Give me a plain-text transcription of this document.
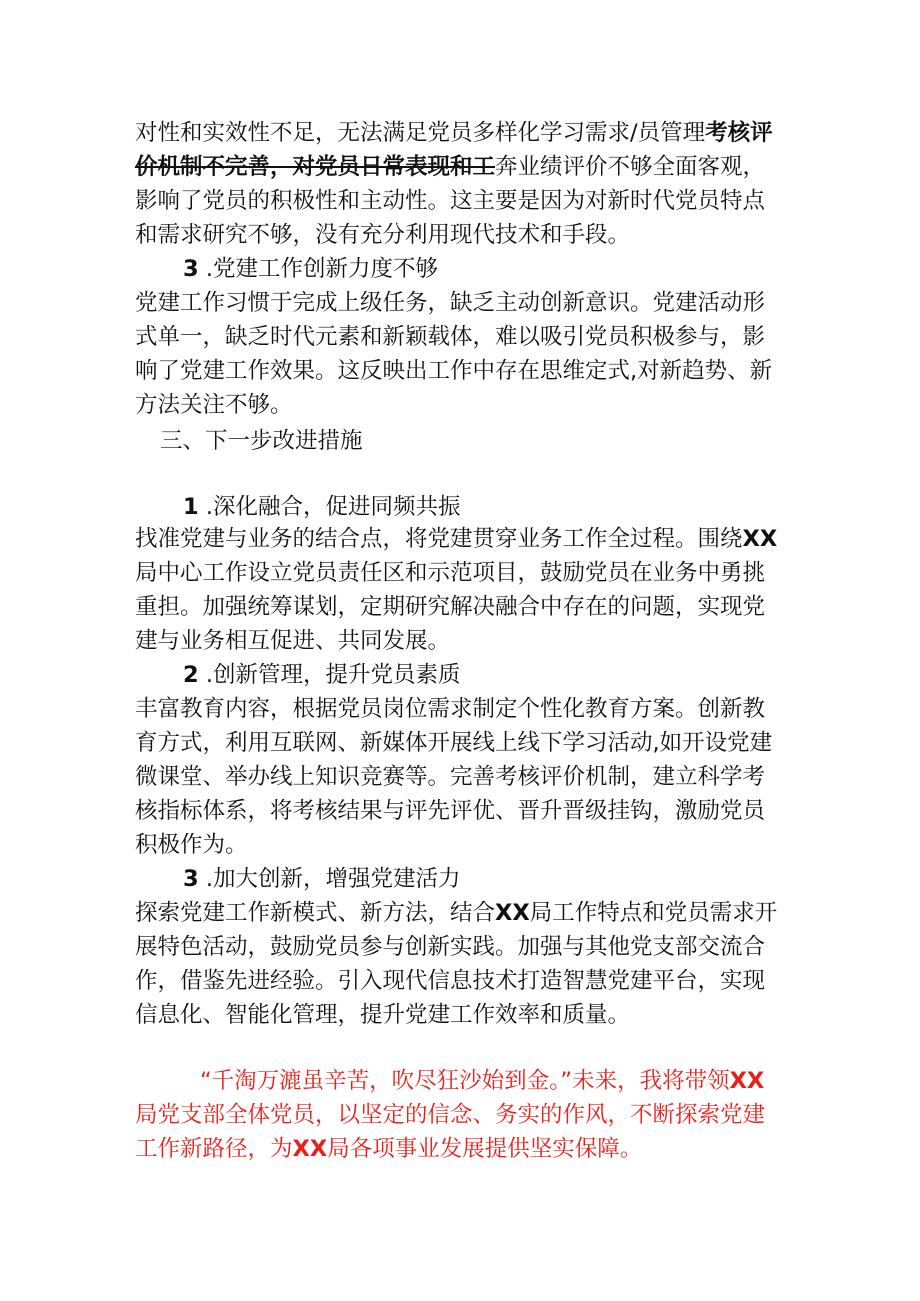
对性和实效性不足，无法满足党员多样化学习需求/员管理考核评
价机制不完善，对党员日常表现和工奔业绩评价不够全面客观，
影响了党员的积极性和主动性。这主要是因为对新时代党员特点
和需求研究不够，没有充分利用现代技术和手段。
3 .党建工作创新力度不够
党建工作习惯于完成上级任务，缺乏主动创新意识。党建活动形
式单一，缺乏时代元素和新颖载体，难以吸引党员积极参与，影
响了党建工作效果。这反映出工作中存在思维定式,对新趋势、新
方法关注不够。
三、下一步改进措施
1 .深化融合，促进同频共振
找准党建与业务的结合点，将党建贯穿业务工作全过程。围绕XX
局中心工作设立党员责任区和示范项目，鼓励党员在业务中勇挑
重担。加强统筹谋划，定期研究解决融合中存在的问题，实现党
建与业务相互促进、共同发展。
2 .创新管理，提升党员素质
丰富教育内容，根据党员岗位需求制定个性化教育方案。创新教
育方式，利用互联网、新媒体开展线上线下学习活动,如开设党建
微课堂、举办线上知识竞赛等。完善考核评价机制，建立科学考
核指标体系，将考核结果与评先评优、晋升晋级挂钩，激励党员
积极作为。
3 .加大创新，增强党建活力
探索党建工作新模式、新方法，结合XX局工作特点和党员需求开
展特色活动，鼓励党员参与创新实践。加强与其他党支部交流合
作，借鉴先进经验。引入现代信息技术打造智慧党建平台，实现
信息化、智能化管理，提升党建工作效率和质量。
“千淘万漉虽辛苦，吹尽狂沙始到金。”未来，我将带领XX
局党支部全体党员，以坚定的信念、务实的作风，不断探索党建
工作新路径，为XX局各项事业发展提供坚实保障。
